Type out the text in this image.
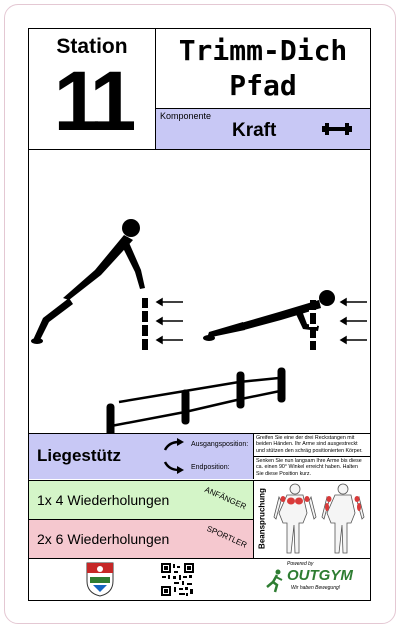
Station
11
Trimm-Dich
Pfad
Komponente
Kraft
Liegestütz
Ausgangsposition:
Endposition:
Greifen Sie eine der drei Reckstangen mit beiden Händen. Ihr Arme sind ausgestreckt und stützen den schräg positionierten Körper.
Senken Sie nun langsam Ihre Arme bis diese ca. einen 90° Winkel erreicht haben. Halten Sie diese Position kurz.
1x 4 Wiederholungen	ANFÄNGER
2x 6 Wiederholungen	SPORTLER Beanspruchung
Powered by
OUTGYM
Wir haben Bewegung!
